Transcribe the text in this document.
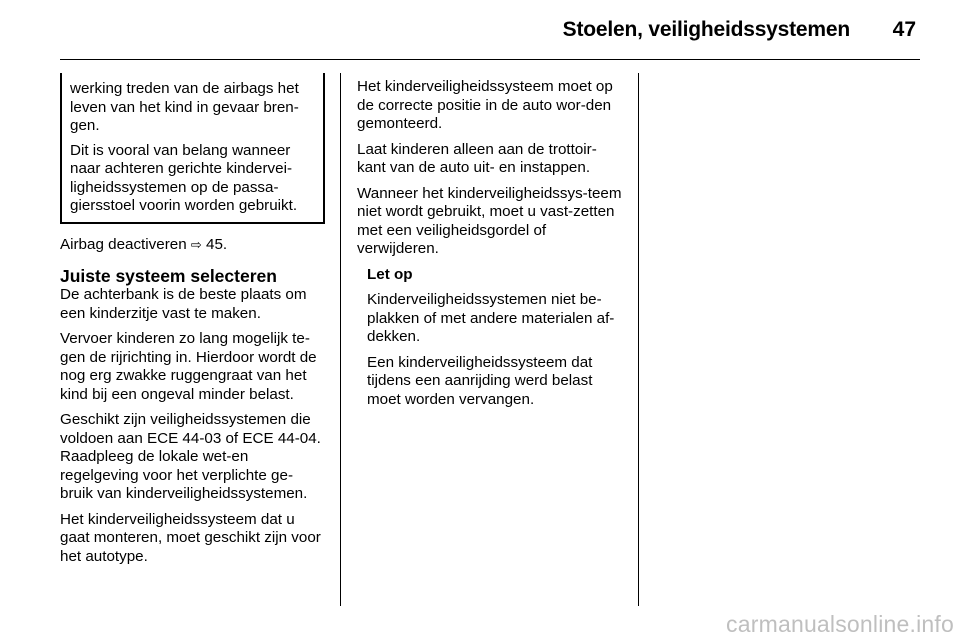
Stoelen, veiligheidssystemen 47

werking treden van de airbags het leven van het kind in gevaar bren-gen.

Dit is vooral van belang wanneer naar achteren gerichte kindervei-ligheidssystemen op de passa-giersstoel voorin worden gebruikt.

Airbag deactiveren ⇨ 45.

Juiste systeem selecteren

De achterbank is de beste plaats om een kinderzitje vast te maken.

Vervoer kinderen zo lang mogelijk te-gen de rijrichting in. Hierdoor wordt de nog erg zwakke ruggengraat van het kind bij een ongeval minder belast.

Geschikt zijn veiligheidssystemen die voldoen aan ECE 44-03 of ECE 44-04. Raadpleeg de lokale wet-en regelgeving voor het verplichte ge-bruik van kinderveiligheidssystemen.

Het kinderveiligheidssysteem dat u gaat monteren, moet geschikt zijn voor het autotype.

Het kinderveiligheidssysteem moet op de correcte positie in de auto wor-den gemonteerd.

Laat kinderen alleen aan de trottoir-kant van de auto uit- en instappen.

Wanneer het kinderveiligheidssys-teem niet wordt gebruikt, moet u vast-zetten met een veiligheidsgordel of verwijderen.

Let op

Kinderveiligheidssystemen niet be-plakken of met andere materialen af-dekken.

Een kinderveiligheidssysteem dat tijdens een aanrijding werd belast moet worden vervangen.

carmanualsonline.info
